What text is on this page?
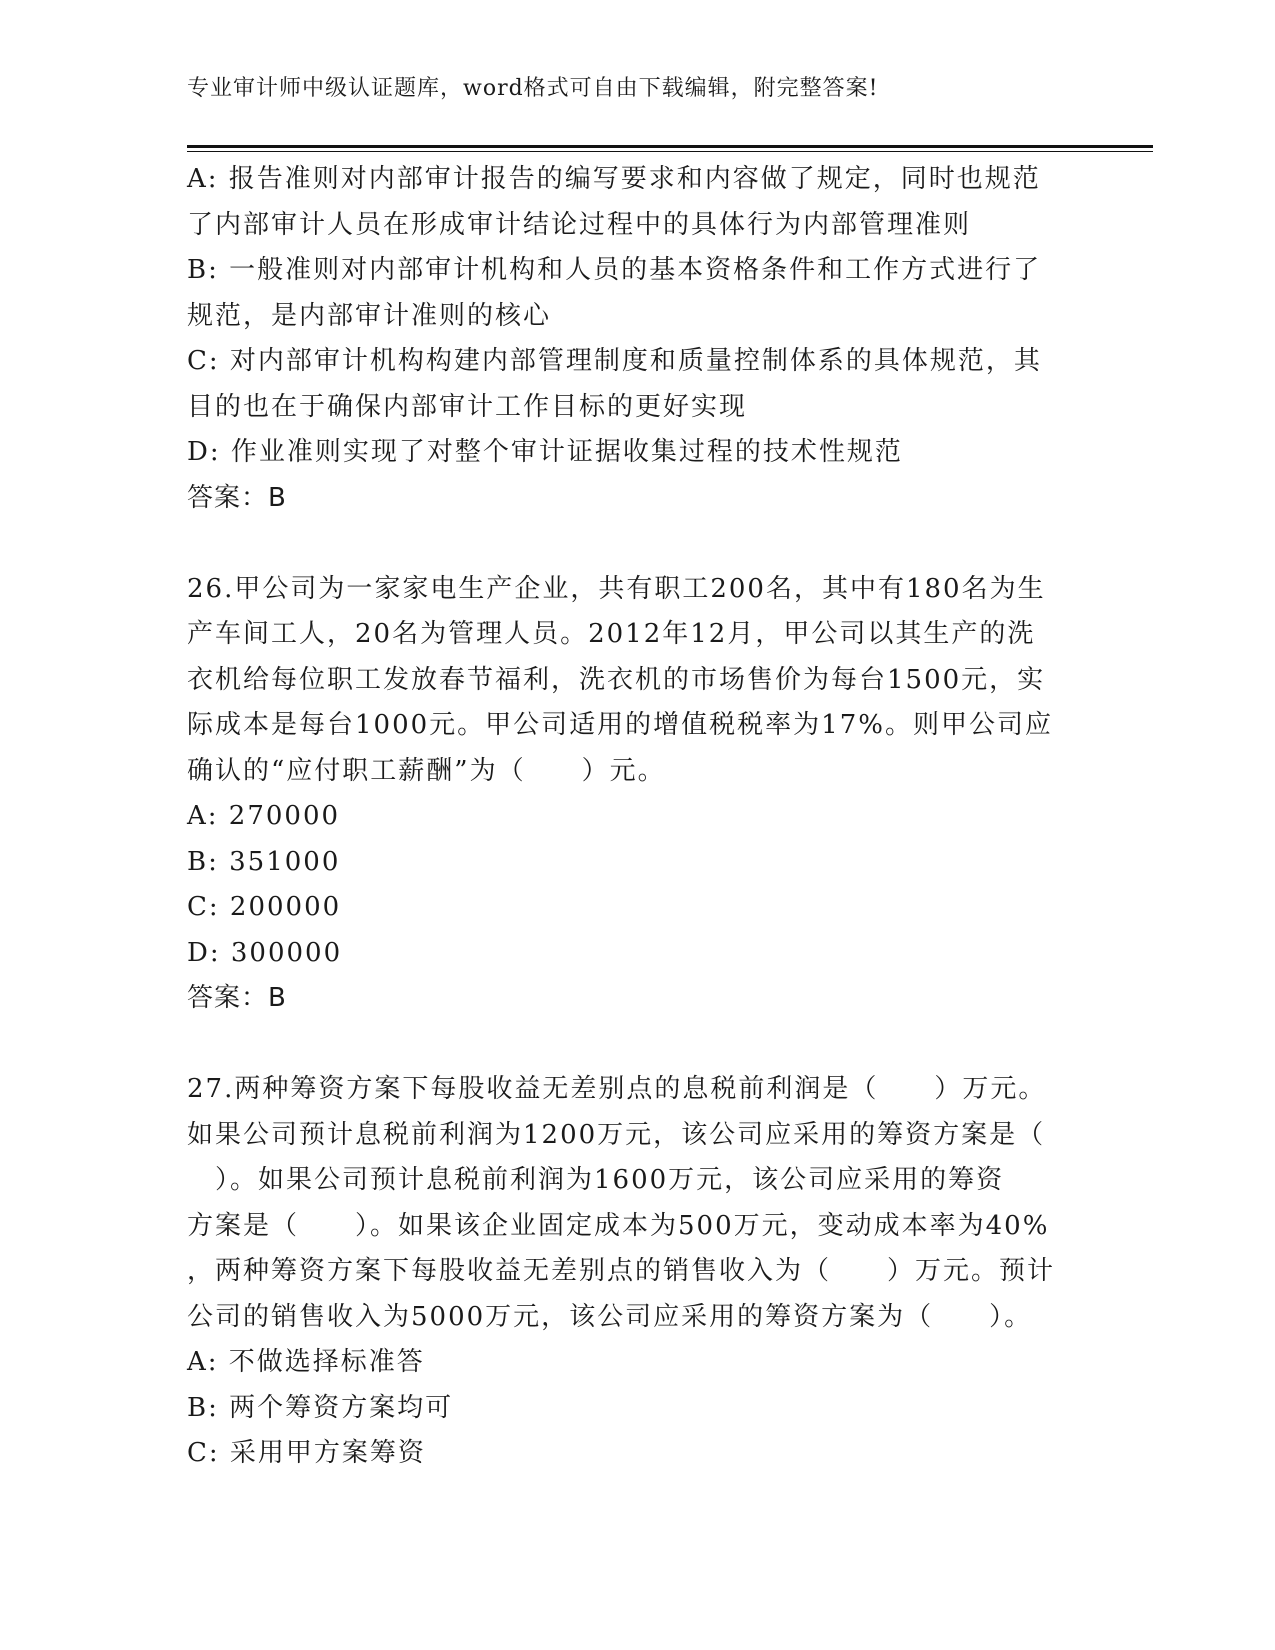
专业审计师中级认证题库，word格式可自由下载编辑，附完整答案!
A: 报告准则对内部审计报告的编写要求和内容做了规定，同时也规范
了内部审计人员在形成审计结论过程中的具体行为内部管理准则
B: 一般准则对内部审计机构和人员的基本资格条件和工作方式进行了
规范，是内部审计准则的核心
C: 对内部审计机构构建内部管理制度和质量控制体系的具体规范，其
目的也在于确保内部审计工作目标的更好实现
D: 作业准则实现了对整个审计证据收集过程的技术性规范
答案：B
26.甲公司为一家家电生产企业，共有职工200名，其中有180名为生
产车间工人，20名为管理人员。2012年12月，甲公司以其生产的洗
衣机给每位职工发放春节福利，洗衣机的市场售价为每台1500元，实
际成本是每台1000元。甲公司适用的增值税税率为17%。则甲公司应
确认的“应付职工薪酬”为（　　）元。
A: 270000
B: 351000
C: 200000
D: 300000
答案：B
27.两种筹资方案下每股收益无差别点的息税前利润是（　　）万元。
如果公司预计息税前利润为1200万元，该公司应采用的筹资方案是（
　）。如果公司预计息税前利润为1600万元，该公司应采用的筹资
方案是（　　）。如果该企业固定成本为500万元，变动成本率为40%
，两种筹资方案下每股收益无差别点的销售收入为（　　）万元。预计
公司的销售收入为5000万元，该公司应采用的筹资方案为（　　）。
A: 不做选择标准答
B: 两个筹资方案均可
C: 采用甲方案筹资
